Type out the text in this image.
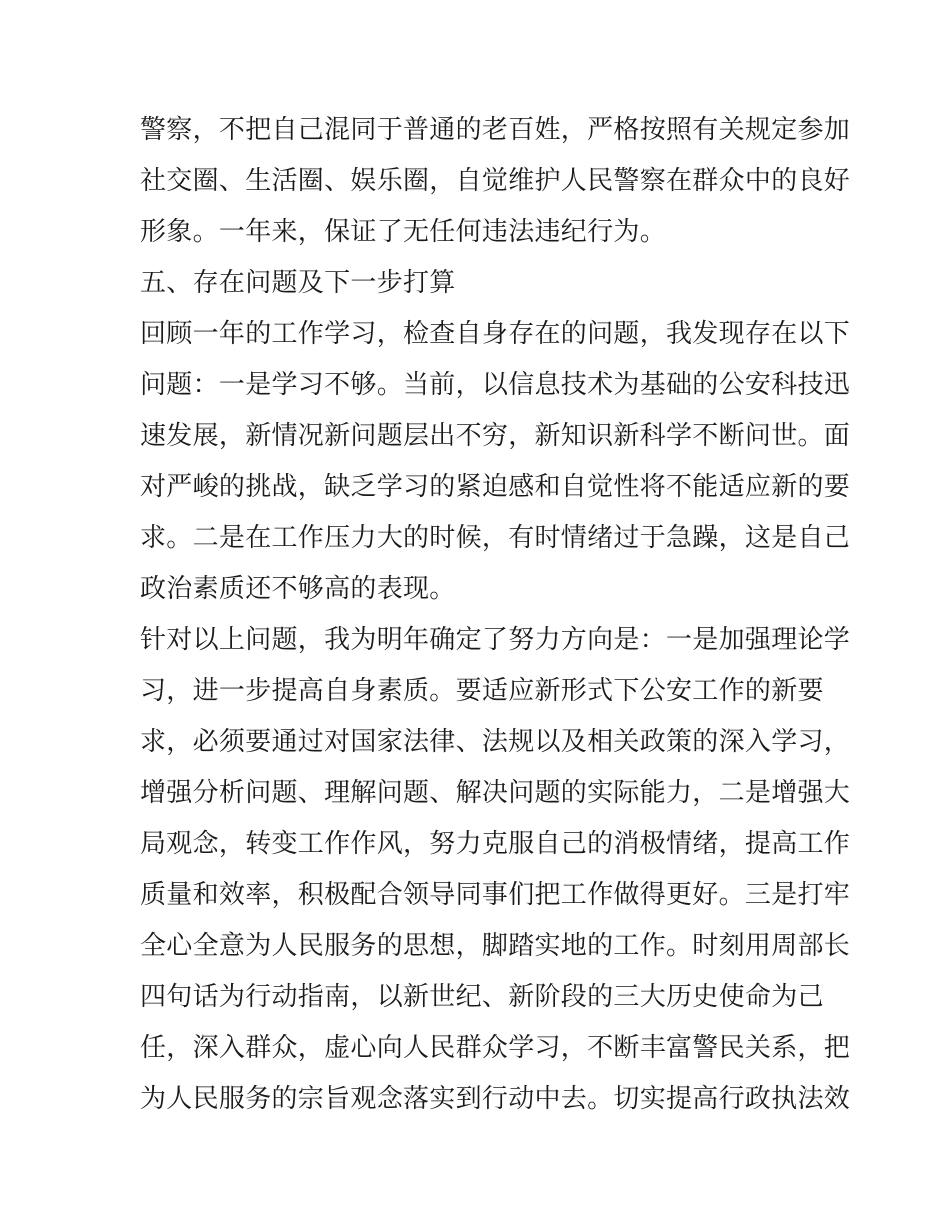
警察，不把自己混同于普通的老百姓，严格按照有关规定参加
社交圈、生活圈、娱乐圈，自觉维护人民警察在群众中的良好
形象。一年来，保证了无任何违法违纪行为。
五、存在问题及下一步打算
回顾一年的工作学习，检查自身存在的问题，我发现存在以下
问题：一是学习不够。当前，以信息技术为基础的公安科技迅
速发展，新情况新问题层出不穷，新知识新科学不断问世。面
对严峻的挑战，缺乏学习的紧迫感和自觉性将不能适应新的要
求。二是在工作压力大的时候，有时情绪过于急躁，这是自己
政治素质还不够高的表现。
针对以上问题，我为明年确定了努力方向是：一是加强理论学
习，进一步提高自身素质。要适应新形式下公安工作的新要
求，必须要通过对国家法律、法规以及相关政策的深入学习，
增强分析问题、理解问题、解决问题的实际能力，二是增强大
局观念，转变工作作风，努力克服自己的消极情绪，提高工作
质量和效率，积极配合领导同事们把工作做得更好。三是打牢
全心全意为人民服务的思想，脚踏实地的工作。时刻用周部长
四句话为行动指南，以新世纪、新阶段的三大历史使命为己
任，深入群众，虚心向人民群众学习，不断丰富警民关系，把
为人民服务的宗旨观念落实到行动中去。切实提高行政执法效
